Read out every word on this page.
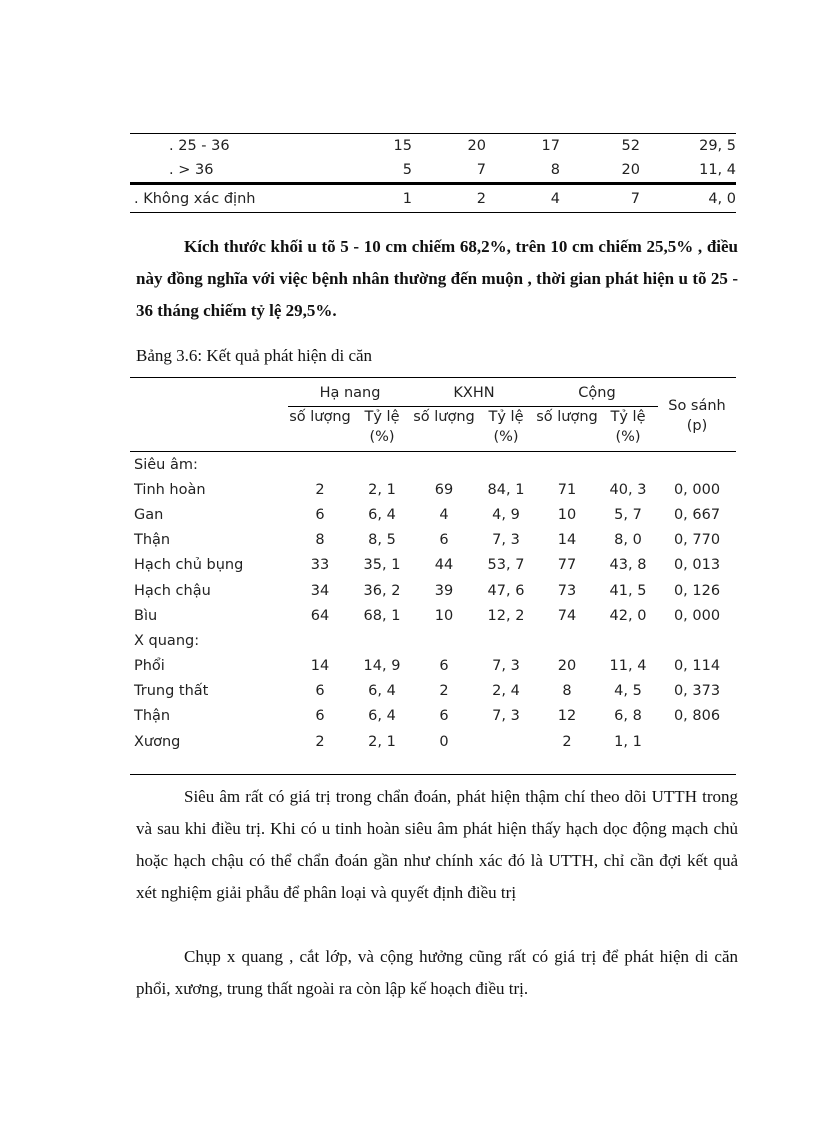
. 25 - 36	15	20	17	52	29, 5
. > 36	5	7	8	20	11, 4
. Không xác định	1	2	4	7	4, 0

Kích thước khối u tõ 5 - 10 cm chiếm 68,2%, trên 10 cm chiếm 25,5% , điều này đồng nghĩa với việc bệnh nhân thường đến muộn , thời gian phát hiện u tõ 25 - 36 tháng chiếm tỷ lệ 29,5%.

Bảng 3.6: Kết quả phát hiện di căn

	Hạ nang		KXHN		Cộng		So sánh (p)
	số lượng	Tỷ lệ (%)	số lượng	Tỷ lệ (%)	số lượng	Tỷ lệ (%)	
Siêu âm:							
Tinh hoàn	2	2, 1	69	84, 1	71	40, 3	0, 000
Gan	6	6, 4	4	4, 9	10	5, 7	0, 667
Thận	8	8, 5	6	7, 3	14	8, 0	0, 770
Hạch chủ bụng	33	35, 1	44	53, 7	77	43, 8	0, 013
Hạch chậu	34	36, 2	39	47, 6	73	41, 5	0, 126
Bìu	64	68, 1	10	12, 2	74	42, 0	0, 000
X quang:							
Phổi	14	14, 9	6	7, 3	20	11, 4	0, 114
Trung thất	6	6, 4	2	2, 4	8	4, 5	0, 373
Thận	6	6, 4	6	7, 3	12	6, 8	0, 806
Xương	2	2, 1	0		2	1, 1	

Siêu âm rất có giá trị trong chẩn đoán, phát hiện thậm chí theo dõi UTTH trong và sau khi điều trị. Khi có u tinh hoàn siêu âm phát hiện thấy hạch dọc động mạch chủ hoặc hạch chậu có thể chẩn đoán gần như chính xác đó là UTTH, chỉ cần đợi kết quả xét nghiệm giải phẫu để phân loại và quyết định điều trị

Chụp x quang , cắt lớp, và cộng hưởng cũng rất có giá trị để phát hiện di căn phổi, xương, trung thất ngoài ra còn lập kế hoạch điều trị.
